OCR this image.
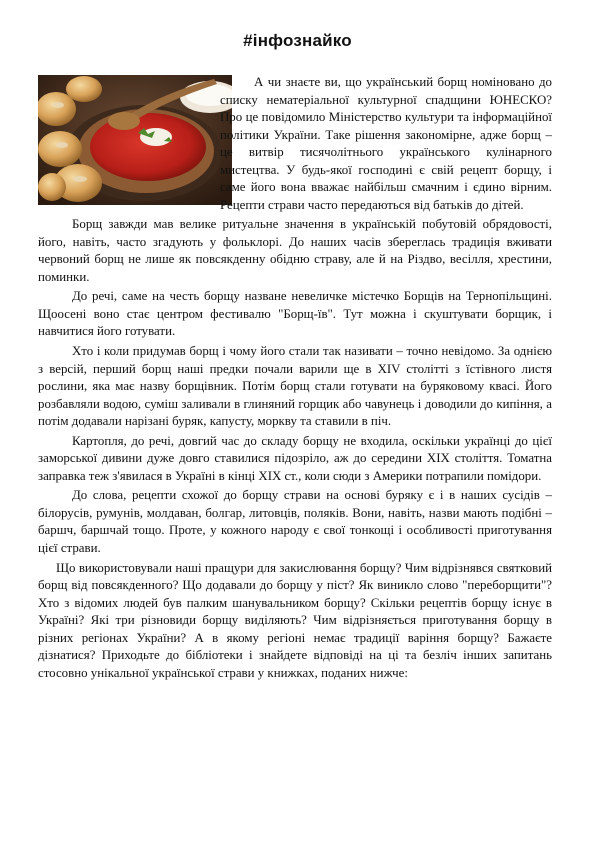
#інфознайко

А чи знаєте ви, що український борщ номіновано до списку нематеріальної культурної спадщини ЮНЕСКО? Про це повідомило Міністерство культури та інформаційної політики України. Таке рішення закономірне, адже борщ – це витвір тисячолітнього українського кулінарного мистецтва. У будь-якої господині є свій рецепт борщу, і саме його вона вважає найбільш смачним і єдино вірним. Рецепти страви часто передаються від батьків до дітей.

Борщ завжди мав велике ритуальне значення в українській побутовій обрядовості, його, навіть, часто згадують у фольклорі. До наших часів збереглась традиція вживати червоний борщ не лише як повсякденну обідню страву, але й на Різдво, весілля, хрестини, поминки.

До речі, саме на честь борщу назване невеличке містечко Борщів на Тернопільщині. Щоосені воно стає центром фестивалю "Борщ-їв". Тут можна і скуштувати борщик, і навчитися його готувати.

Хто і коли придумав борщ і чому його стали так називати – точно невідомо. За однією з версій, перший борщ наші предки почали варили ще в XIV столітті з їстівного листя рослини, яка має назву борщівник. Потім борщ стали готувати на буряковому квасі. Його розбавляли водою, суміш заливали в глиняний горщик або чавунець і доводили до кипіння, а потім додавали нарізані буряк, капусту, моркву та ставили в піч.

Картопля, до речі, довгий час до складу борщу не входила, оскільки українці до цієї заморської дивини дуже довго ставилися підозріло, аж до середини XIX століття. Томатна заправка теж з'явилася в Україні в кінці XIX ст., коли сюди з Америки потрапили помідори.

До слова, рецепти схожої до борщу страви на основі буряку є і в наших сусідів – білорусів, румунів, молдаван, болгар, литовців, поляків. Вони, навіть, назви мають подібні – баршч, баршчай тощо. Проте, у кожного народу є свої тонкощі і особливості приготування цієї страви.

Що використовували наші пращури для закислювання борщу? Чим відрізнявся святковий борщ від повсякденного? Що додавали до борщу у піст? Як виникло слово "переборщити"? Хто з відомих людей був палким шанувальником борщу? Скільки рецептів борщу існує в Україні? Які три різновиди борщу виділяють? Чим відрізняється приготування борщу в різних регіонах України? А в якому регіоні немає традиції варіння борщу? Бажаєте дізнатися? Приходьте до бібліотеки і знайдете відповіді на ці та безліч інших запитань стосовно унікальної української страви у книжках, поданих нижче:
